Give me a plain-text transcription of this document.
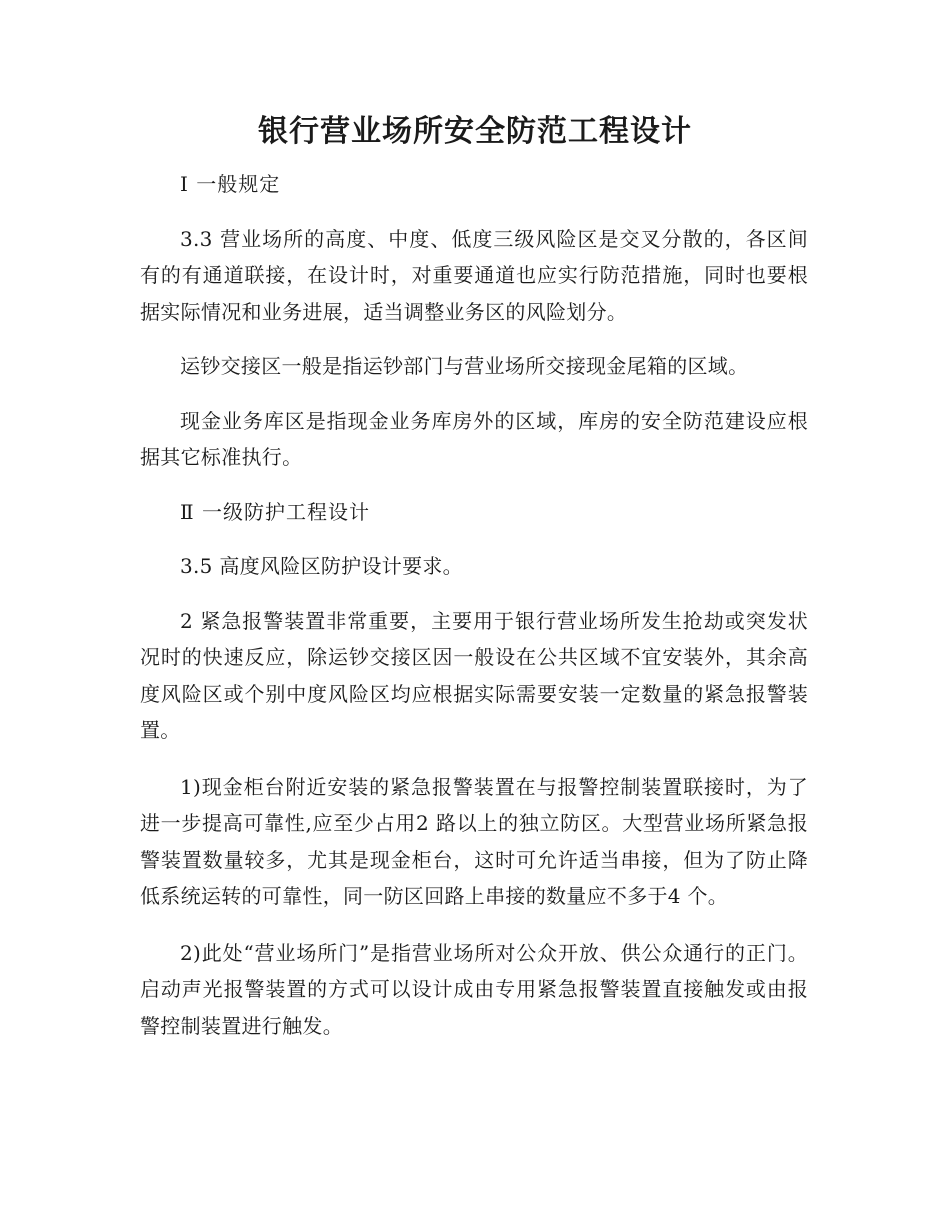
银行营业场所安全防范工程设计

Ⅰ 一般规定

3.3 营业场所的高度、中度、低度三级风险区是交叉分散的，各区间有的有通道联接，在设计时，对重要通道也应实行防范措施，同时也要根据实际情况和业务进展，适当调整业务区的风险划分。

运钞交接区一般是指运钞部门与营业场所交接现金尾箱的区域。

现金业务库区是指现金业务库房外的区域，库房的安全防范建设应根据其它标准执行。

Ⅱ 一级防护工程设计

3.5 高度风险区防护设计要求。

2 紧急报警装置非常重要，主要用于银行营业场所发生抢劫或突发状况时的快速反应，除运钞交接区因一般设在公共区域不宜安装外，其余高度风险区或个别中度风险区均应根据实际需要安装一定数量的紧急报警装置。

1)现金柜台附近安装的紧急报警装置在与报警控制装置联接时，为了进一步提高可靠性,应至少占用2 路以上的独立防区。大型营业场所紧急报警装置数量较多，尤其是现金柜台，这时可允许适当串接，但为了防止降低系统运转的可靠性，同一防区回路上串接的数量应不多于4 个。

2)此处“营业场所门”是指营业场所对公众开放、供公众通行的正门。启动声光报警装置的方式可以设计成由专用紧急报警装置直接触发或由报警控制装置进行触发。
